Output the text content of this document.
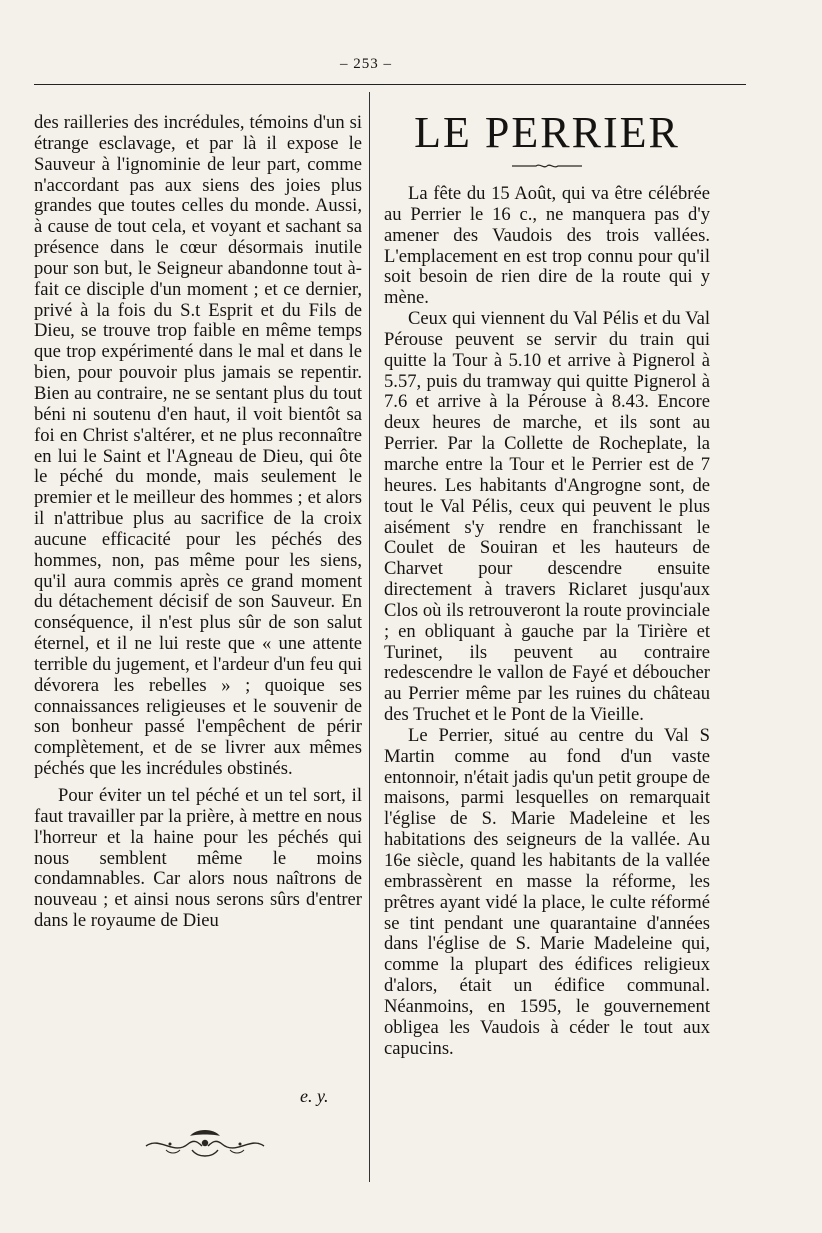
– 253 –

des railleries des incrédules, témoins d'un si étrange esclavage, et par là il expose le Sauveur à l'ignominie de leur part, comme n'accordant pas aux siens des joies plus grandes que toutes celles du monde. Aussi, à cause de tout cela, et voyant et sachant sa présence dans le cœur désormais inutile pour son but, le Seigneur abandonne tout à-fait ce disciple d'un moment ; et ce dernier, privé à la fois du S.t Esprit et du Fils de Dieu, se trouve trop faible en même temps que trop expérimenté dans le mal et dans le bien, pour pouvoir plus jamais se repentir. Bien au contraire, ne se sentant plus du tout béni ni soutenu d'en haut, il voit bientôt sa foi en Christ s'altérer, et ne plus reconnaître en lui le Saint et l'Agneau de Dieu, qui ôte le péché du monde, mais seulement le premier et le meilleur des hommes ; et alors il n'attribue plus au sacrifice de la croix aucune efficacité pour les péchés des hommes, non, pas même pour les siens, qu'il aura commis après ce grand moment du détachement décisif de son Sauveur. En conséquence, il n'est plus sûr de son salut éternel, et il ne lui reste que « une attente terrible du jugement, et l'ardeur d'un feu qui dévorera les rebelles » ; quoique ses connaissances religieuses et le souvenir de son bonheur passé l'empêchent de périr complètement, et de se livrer aux mêmes péchés que les incrédules obstinés.

Pour éviter un tel péché et un tel sort, il faut travailler par la prière, à mettre en nous l'horreur et la haine pour les péchés qui nous semblent même le moins condamnables. Car alors nous naîtrons de nouveau ; et ainsi nous serons sûrs d'entrer dans le royaume de Dieu

e. y.
LE PERRIER

La fête du 15 Août, qui va être célébrée au Perrier le 16 c., ne manquera pas d'y amener des Vaudois des trois vallées. L'emplacement en est trop connu pour qu'il soit besoin de rien dire de la route qui y mène.

Ceux qui viennent du Val Pélis et du Val Pérouse peuvent se servir du train qui quitte la Tour à 5.10 et arrive à Pignerol à 5.57, puis du tramway qui quitte Pignerol à 7.6 et arrive à la Pérouse à 8.43. Encore deux heures de marche, et ils sont au Perrier. Par la Collette de Rocheplate, la marche entre la Tour et le Perrier est de 7 heures. Les habitants d'Angrogne sont, de tout le Val Pélis, ceux qui peuvent le plus aisément s'y rendre en franchissant le Coulet de Souiran et les hauteurs de Charvet pour descendre ensuite directement à travers Riclaret jusqu'aux Clos où ils retrouveront la route provinciale ; en obliquant à gauche par la Tirière et Turinet, ils peuvent au contraire redescendre le vallon de Fayé et déboucher au Perrier même par les ruines du château des Truchet et le Pont de la Vieille.

Le Perrier, situé au centre du Val S Martin comme au fond d'un vaste entonnoir, n'était jadis qu'un petit groupe de maisons, parmi lesquelles on remarquait l'église de S. Marie Madeleine et les habitations des seigneurs de la vallée. Au 16e siècle, quand les habitants de la vallée embrassèrent en masse la réforme, les prêtres ayant vidé la place, le culte réformé se tint pendant une quarantaine d'années dans l'église de S. Marie Madeleine qui, comme la plupart des édifices religieux d'alors, était un édifice communal. Néanmoins, en 1595, le gouvernement obligea les Vaudois à céder le tout aux capucins.
